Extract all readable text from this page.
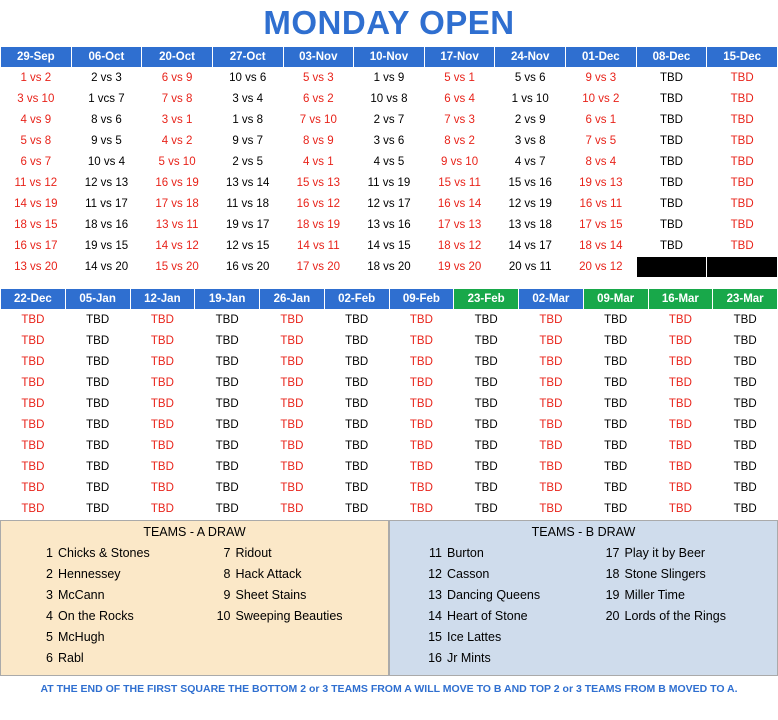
MONDAY OPEN
29-Sep	06-Oct	20-Oct	27-Oct	03-Nov	10-Nov	17-Nov	24-Nov	01-Dec	08-Dec	15-Dec
1 vs 2	2 vs 3	6 vs 9	10 vs 6	5 vs 3	1 vs 9	5 vs 1	5 vs 6	9 vs 3	TBD	TBD
3 vs 10	1 vcs 7	7 vs 8	3 vs 4	6 vs 2	10 vs 8	6 vs 4	1 vs 10	10 vs 2	TBD	TBD
4 vs 9	8 vs 6	3 vs 1	1 vs 8	7 vs 10	2 vs 7	7 vs 3	2 vs 9	6 vs 1	TBD	TBD
5 vs 8	9 vs 5	4 vs 2	9 vs 7	8 vs 9	3 vs 6	8 vs 2	3 vs 8	7 vs 5	TBD	TBD
6 vs 7	10 vs 4	5 vs 10	2 vs 5	4 vs 1	4 vs 5	9 vs 10	4 vs 7	8 vs 4	TBD	TBD
11 vs 12	12 vs 13	16 vs 19	13 vs 14	15 vs 13	11 vs 19	15 vs 11	15 vs 16	19 vs 13	TBD	TBD
14 vs 19	11 vs 17	17 vs 18	11 vs 18	16 vs 12	12 vs 17	16 vs 14	12 vs 19	16 vs 11	TBD	TBD
18 vs 15	18 vs 16	13 vs 11	19 vs 17	18 vs 19	13 vs 16	17 vs 13	13 vs 18	17 vs 15	TBD	TBD
16 vs 17	19 vs 15	14 vs 12	12 vs 15	14 vs 11	14 vs 15	18 vs 12	14 vs 17	18 vs 14	TBD	TBD
13 vs 20	14 vs 20	15 vs 20	16 vs 20	17 vs 20	18 vs 20	19 vs 20	20 vs 11	20 vs 12		
22-Dec	05-Jan	12-Jan	19-Jan	26-Jan	02-Feb	09-Feb	23-Feb	02-Mar	09-Mar	16-Mar	23-Mar
TBD	TBD	TBD	TBD	TBD	TBD	TBD	TBD	TBD	TBD	TBD	TBD
TBD	TBD	TBD	TBD	TBD	TBD	TBD	TBD	TBD	TBD	TBD	TBD
TBD	TBD	TBD	TBD	TBD	TBD	TBD	TBD	TBD	TBD	TBD	TBD
TBD	TBD	TBD	TBD	TBD	TBD	TBD	TBD	TBD	TBD	TBD	TBD
TBD	TBD	TBD	TBD	TBD	TBD	TBD	TBD	TBD	TBD	TBD	TBD
TBD	TBD	TBD	TBD	TBD	TBD	TBD	TBD	TBD	TBD	TBD	TBD
TBD	TBD	TBD	TBD	TBD	TBD	TBD	TBD	TBD	TBD	TBD	TBD
TBD	TBD	TBD	TBD	TBD	TBD	TBD	TBD	TBD	TBD	TBD	TBD
TBD	TBD	TBD	TBD	TBD	TBD	TBD	TBD	TBD	TBD	TBD	TBD
TBD	TBD	TBD	TBD	TBD	TBD	TBD	TBD	TBD	TBD	TBD	TBD
TEAMS - A DRAW
1 Chicks & Stones
2 Hennessey
3 McCann
4 On the Rocks
5 McHugh
6 Rabl
7 Ridout
8 Hack Attack
9 Sheet Stains
10 Sweeping Beauties
TEAMS - B DRAW
11 Burton
12 Casson
13 Dancing Queens
14 Heart of Stone
15 Ice Lattes
16 Jr Mints
17 Play it by Beer
18 Stone Slingers
19 Miller Time
20 Lords of the Rings
AT THE END OF THE FIRST SQUARE THE BOTTOM 2 or 3 TEAMS FROM A WILL MOVE TO B AND TOP 2 or 3 TEAMS FROM B MOVED TO A.
